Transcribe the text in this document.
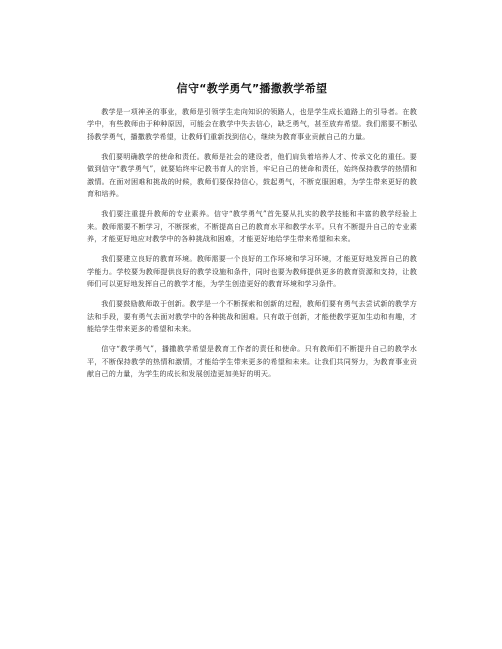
信守“教学勇气”播撒教学希望

教学是一项神圣的事业，教师是引领学生走向知识的领路人，也是学生成长道路上的引导者。在教学中，有些教师由于种种原因，可能会在教学中失去信心，缺乏勇气，甚至放弃希望。我们需要不断弘扬教学勇气，播撒教学希望，让教师们重新找到信心，继续为教育事业贡献自己的力量。

我们要明确教学的使命和责任。教师是社会的建设者，他们肩负着培养人才、传承文化的重任。要做到信守“教学勇气”，就要始终牢记教书育人的宗旨，牢记自己的使命和责任，始终保持教学的热情和激情。在面对困难和挑战的时候，教师们要保持信心，鼓起勇气，不断克服困难，为学生带来更好的教育和培养。

我们要注重提升教师的专业素养。信守“教学勇气”首先要从扎实的教学技能和丰富的教学经验上来。教师需要不断学习，不断探索，不断提高自己的教育水平和教学水平。只有不断提升自己的专业素养，才能更好地应对教学中的各种挑战和困难，才能更好地给学生带来希望和未来。

我们要建立良好的教育环境。教师需要一个良好的工作环境和学习环境，才能更好地发挥自己的教学能力。学校要为教师提供良好的教学设施和条件，同时也要为教师提供更多的教育资源和支持，让教师们可以更好地发挥自己的教学才能，为学生创造更好的教育环境和学习条件。

我们要鼓励教师敢于创新。教学是一个不断探索和创新的过程，教师们要有勇气去尝试新的教学方法和手段，要有勇气去面对教学中的各种挑战和困难。只有敢于创新，才能使教学更加生动和有趣，才能给学生带来更多的希望和未来。

信守“教学勇气”，播撒教学希望是教育工作者的责任和使命。只有教师们不断提升自己的教学水平，不断保持教学的热情和激情，才能给学生带来更多的希望和未来。让我们共同努力，为教育事业贡献自己的力量，为学生的成长和发展创造更加美好的明天。
